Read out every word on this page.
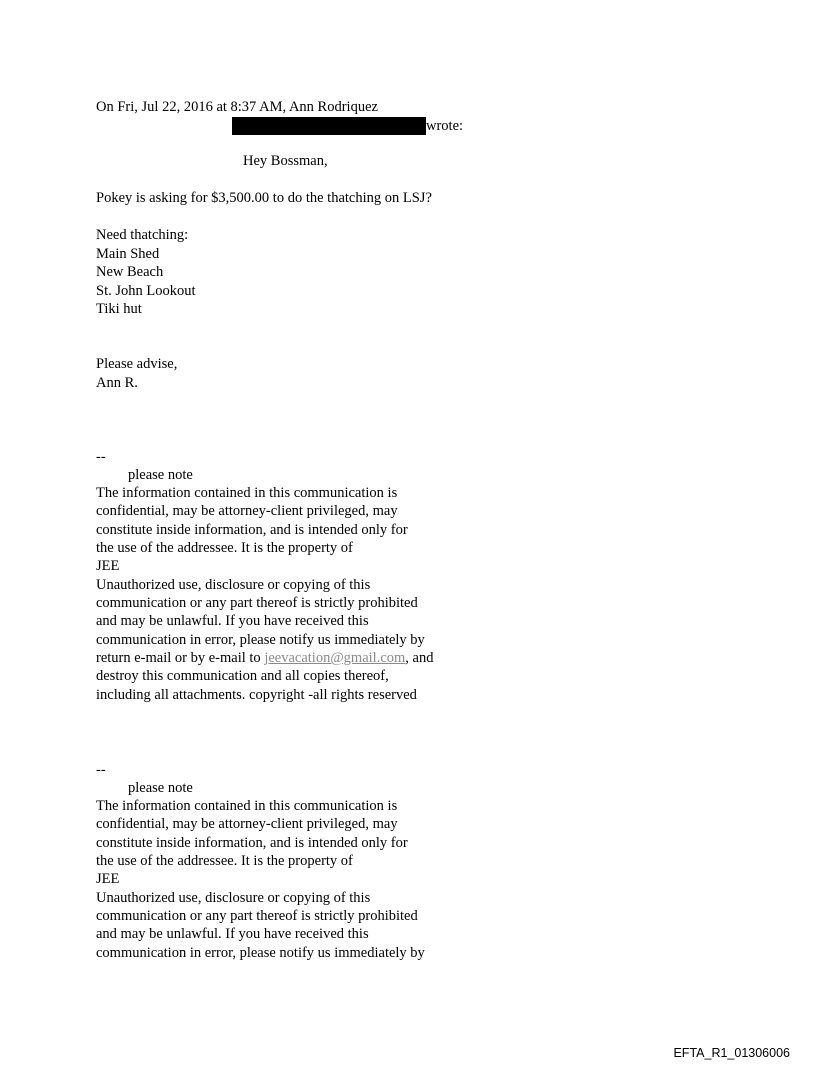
On Fri, Jul 22, 2016 at 8:37 AM, Ann Rodriquez
wrote:
Hey Bossman,
Pokey is asking for $3,500.00 to do the thatching on LSJ?
Need thatching:
Main Shed
New Beach
St. John Lookout
Tiki hut
Please advise,
Ann R.
--
please note
The information contained in this communication is
confidential, may be attorney-client privileged, may
constitute inside information, and is intended only for
the use of the addressee. It is the property of
JEE
Unauthorized use, disclosure or copying of this
communication or any part thereof is strictly prohibited
and may be unlawful. If you have received this
communication in error, please notify us immediately by
return e-mail or by e-mail to jeevacation@gmail.com, and
destroy this communication and all copies thereof,
including all attachments. copyright -all rights reserved
--
please note
The information contained in this communication is
confidential, may be attorney-client privileged, may
constitute inside information, and is intended only for
the use of the addressee. It is the property of
JEE
Unauthorized use, disclosure or copying of this
communication or any part thereof is strictly prohibited
and may be unlawful. If you have received this
communication in error, please notify us immediately by
EFTA_R1_01306006
